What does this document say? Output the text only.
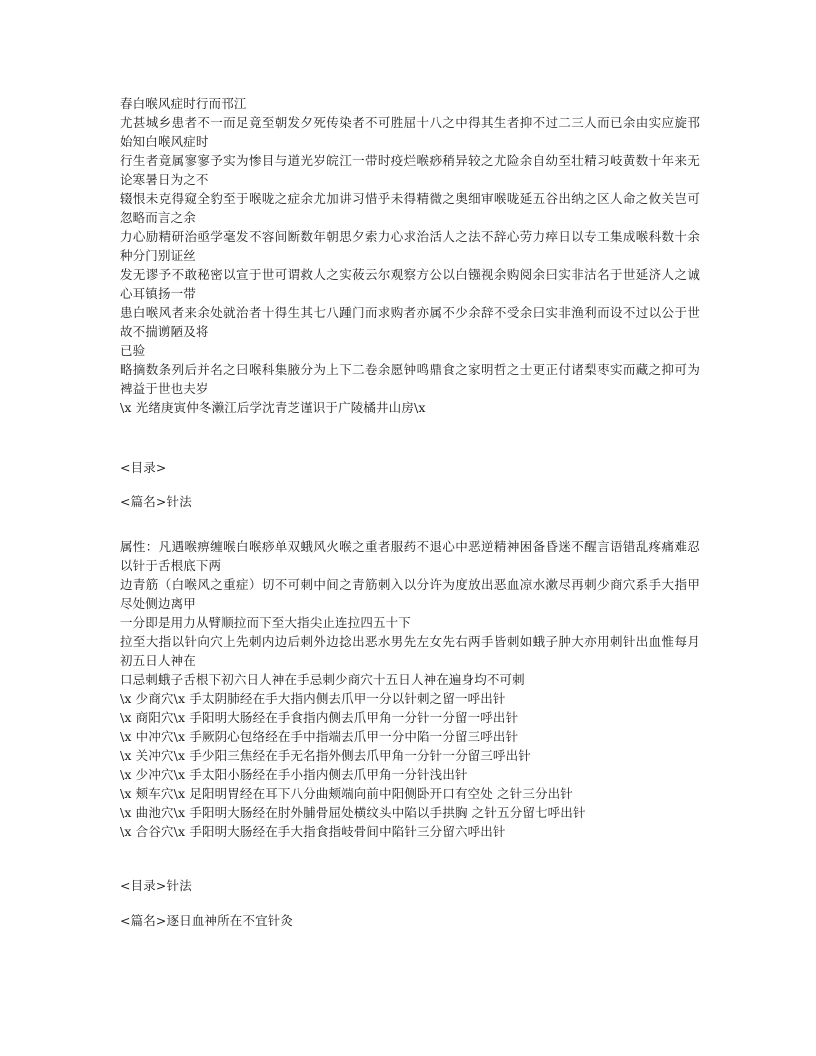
春白喉风症时行而邗江

尤甚城乡患者不一而足竟至朝发夕死传染者不可胜屈十八之中得其生者抑不过二三人而已余由实应旋邗始知白喉风症时

行生者竟属寥寥予实为惨目与道光岁皖江一带时疫烂喉痧稍异较之尤险余自幼至壮精习岐黄数十年来无论寒暑日为之不

辍恨未克得窥全豹至于喉咙之症余尤加讲习惜乎未得精微之奥细审喉咙延五谷出纳之区人命之攸关岂可忽略而言之余

力心励精研治亟学毫发不容间断数年朝思夕索力心求治活人之法不辞心劳力瘁日以专工集成喉科数十余种分门别证丝

发无谬予不敢秘密以宣于世可谓救人之实莜云尔观察方公以白镪视余购阅余曰实非沽名于世延济人之诚心耳镇扬一带

患白喉风者来余处就治者十得生其七八踵门而求购者亦属不少余辞不受余曰实非渔利而设不过以公于世故不揣谫陋及将

已验

略摘数条列后并名之曰喉科集腋分为上下二卷余愿钟鸣鼎食之家明哲之士更正付诸梨枣实而藏之抑可为裨益于世也夫岁

\x 光绪庚寅仲冬濑江后学沈青芝谨识于广陵橘井山房\x

<目录>

<篇名>针法

属性：凡遇喉痹缠喉白喉痧单双蛾风火喉之重者服药不退心中恶逆精神困备昏迷不醒言语错乱疼痛难忍以针于舌根底下两

边青筋（白喉风之重症）切不可刺中间之青筋刺入以分许为度放出恶血凉水漱尽再刺少商穴系手大指甲尽处侧边离甲

一分即是用力从臂顺拉而下至大指尖止连拉四五十下

拉至大指以针向穴上先刺内边后刺外边捻出恶水男先左女先右两手皆刺如蛾子肿大亦用刺针出血惟每月初五日人神在

口忌刺蛾子舌根下初六日人神在手忌刺少商穴十五日人神在遍身均不可刺

\x 少商穴\x 手太阴肺经在手大指内侧去爪甲一分以针刺之留一呼出针

\x 商阳穴\x 手阳明大肠经在手食指内侧去爪甲角一分针一分留一呼出针

\x 中冲穴\x 手厥阴心包络经在手中指端去爪甲一分中陷一分留三呼出针

\x 关冲穴\x 手少阳三焦经在手无名指外侧去爪甲角一分针一分留三呼出针

\x 少冲穴\x 手太阳小肠经在手小指内侧去爪甲角一分针浅出针

\x 颊车穴\x 足阳明胃经在耳下八分曲颊端向前中阳侧卧开口有空处 之针三分出针

\x 曲池穴\x 手阳明大肠经在肘外脯骨屈处横纹头中陷以手拱胸 之针五分留七呼出针

\x 合谷穴\x 手阳明大肠经在手大指食指岐骨间中陷针三分留六呼出针

<目录>针法

<篇名>逐日血神所在不宜针灸
